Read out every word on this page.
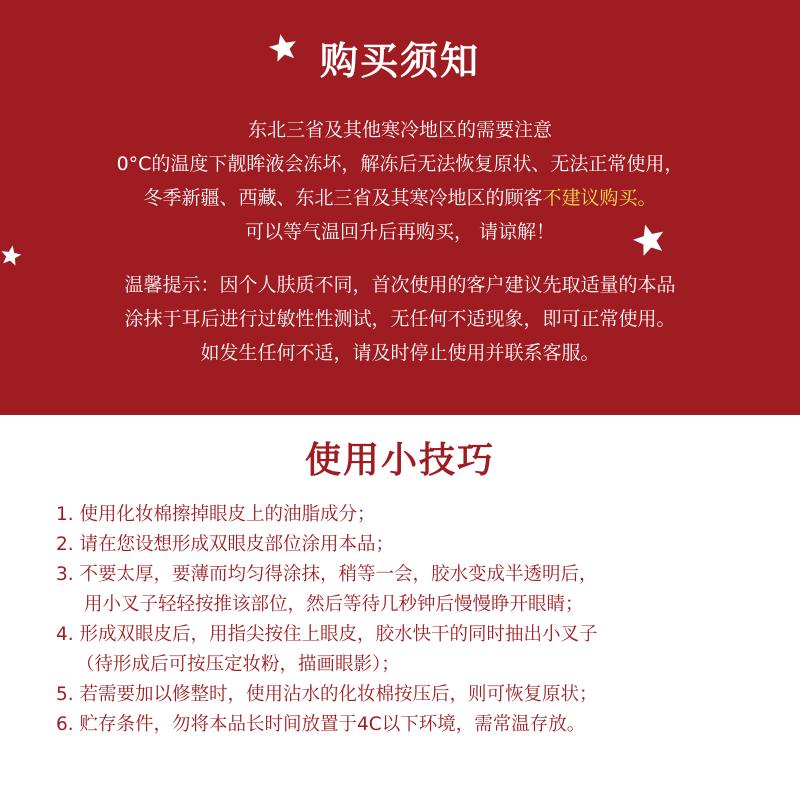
购买须知
东北三省及其他寒冷地区的需要注意
0°C的温度下靓眸液会冻坏，解冻后无法恢复原状、无法正常使用，
冬季新疆、西藏、东北三省及其寒冷地区的顾客不建议购买。
可以等气温回升后再购买， 请谅解！
温馨提示：因个人肤质不同，首次使用的客户建议先取适量的本品
涂抹于耳后进行过敏性性测试，无任何不适现象，即可正常使用。
如发生任何不适，请及时停止使用并联系客服。
使用小技巧
1. 使用化妆棉擦掉眼皮上的油脂成分；
2. 请在您设想形成双眼皮部位涂用本品；
3. 不要太厚，要薄而均匀得涂抹，稍等一会，胶水变成半透明后，
用小叉子轻轻按推该部位，然后等待几秒钟后慢慢睁开眼睛；
4. 形成双眼皮后，用指尖按住上眼皮，胶水快干的同时抽出小叉子
（待形成后可按压定妆粉，描画眼影）；
5. 若需要加以修整时，使用沾水的化妆棉按压后，则可恢复原状；
6. 贮存条件，勿将本品长时间放置于4C以下环境，需常温存放。
